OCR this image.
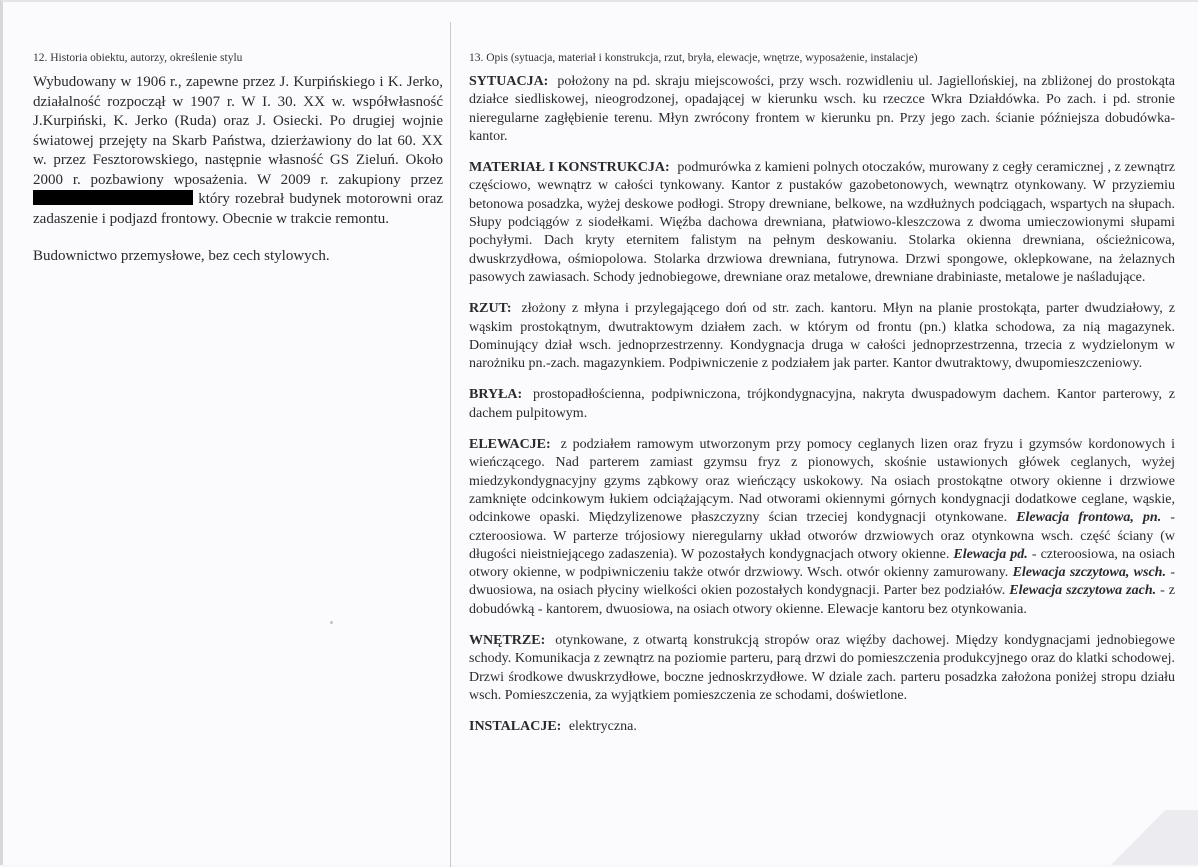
12. Historia obiektu, autorzy, określenie stylu

Wybudowany w 1906 r., zapewne przez J. Kurpińskiego i K. Jerko, działalność rozpoczął w 1907 r. W I. 30. XX w. współwłasność J.Kurpiński, K. Jerko (Ruda) oraz J. Osiecki. Po drugiej wojnie światowej przejęty na Skarb Państwa, dzierżawiony do lat 60. XX w. przez Fesztorowskiego, następnie własność GS Zieluń. Około 2000 r. pozbawiony wposażenia. W 2009 r. zakupiony przez  który rozebrał budynek motorowni oraz zadaszenie i podjazd frontowy. Obecnie w trakcie remontu.

Budownictwo przemysłowe, bez cech stylowych.

13. Opis (sytuacja, materiał i konstrukcja, rzut, bryła, elewacje, wnętrze, wyposażenie, instalacje)
SYTUACJA: położony na pd. skraju miejscowości, przy wsch. rozwidleniu ul. Jagiellońskiej, na zbliżonej do prostokąta działce siedliskowej, nieogrodzonej, opadającej w kierunku wsch. ku rzeczce Wkra Działdówka. Po zach. i pd. stronie nieregularne zagłębienie terenu. Młyn zwrócony frontem w kierunku pn. Przy jego zach. ścianie późniejsza dobudówka-kantor.
MATERIAŁ I KONSTRUKCJA: podmurówka z kamieni polnych otoczaków, murowany z cegły ceramicznej , z zewnątrz częściowo, wewnątrz w całości tynkowany. Kantor z pustaków gazobetonowych, wewnątrz otynkowany. W przyziemiu betonowa posadzka, wyżej deskowe podłogi. Stropy drewniane, belkowe, na wzdłużnych podciągach, wspartych na słupach. Słupy podciągów z siodełkami. Więźba dachowa drewniana, płatwiowo-kleszczowa z dwoma umieczowionymi słupami pochyłymi. Dach kryty eternitem falistym na pełnym deskowaniu. Stolarka okienna drewniana, ościeżnicowa, dwuskrzydłowa, ośmiopolowa. Stolarka drzwiowa drewniana, futrynowa. Drzwi spongowe, oklepkowane, na żelaznych pasowych zawiasach. Schody jednobiegowe, drewniane oraz metalowe, drewniane drabiniaste, metalowe je naśladujące.
RZUT: złożony z młyna i przylegającego doń od str. zach. kantoru. Młyn na planie prostokąta, parter dwudziałowy, z wąskim prostokątnym, dwutraktowym działem zach. w którym od frontu (pn.) klatka schodowa, za nią magazynek. Dominujący dział wsch. jednoprzestrzenny. Kondygnacja druga w całości jednoprzestrzenna, trzecia z wydzielonym w narożniku pn.-zach. magazynkiem. Podpiwniczenie z podziałem jak parter. Kantor dwutraktowy, dwupomieszczeniowy.
BRYŁA: prostopadłościenna, podpiwniczona, trójkondygnacyjna, nakryta dwuspadowym dachem. Kantor parterowy, z dachem pulpitowym.
ELEWACJE: z podziałem ramowym utworzonym przy pomocy ceglanych lizen oraz fryzu i gzymsów kordonowych i wieńczącego. Nad parterem zamiast gzymsu fryz z pionowych, skośnie ustawionych główek ceglanych, wyżej miedzykondygnacyjny gzyms ząbkowy oraz wieńczący uskokowy. Na osiach prostokątne otwory okienne i drzwiowe zamknięte odcinkowym łukiem odciążającym. Nad otworami okiennymi górnych kondygnacji dodatkowe ceglane, wąskie, odcinkowe opaski. Międzylizenowe płaszczyzny ścian trzeciej kondygnacji otynkowane. Elewacja frontowa, pn. - czteroosiowa. W parterze trójosiowy nieregularny układ otworów drzwiowych oraz otynkowna wsch. część ściany (w długości nieistniejącego zadaszenia). W pozostałych kondygnacjach otwory okienne. Elewacja pd. - czteroosiowa, na osiach otwory okienne, w podpiwniczeniu także otwór drzwiowy. Wsch. otwór okienny zamurowany. Elewacja szczytowa, wsch. - dwuosiowa, na osiach płyciny wielkości okien pozostałych kondygnacji. Parter bez podziałów. Elewacja szczytowa zach. - z dobudówką - kantorem, dwuosiowa, na osiach otwory okienne. Elewacje kantoru bez otynkowania.
WNĘTRZE: otynkowane, z otwartą konstrukcją stropów oraz więźby dachowej. Między kondygnacjami jednobiegowe schody. Komunikacja z zewnątrz na poziomie parteru, parą drzwi do pomieszczenia produkcyjnego oraz do klatki schodowej. Drzwi środkowe dwuskrzydłowe, boczne jednoskrzydłowe. W dziale zach. parteru posadzka założona poniżej stropu działu wsch. Pomieszczenia, za wyjątkiem pomieszczenia ze schodami, doświetlone.
INSTALACJE: elektryczna.
